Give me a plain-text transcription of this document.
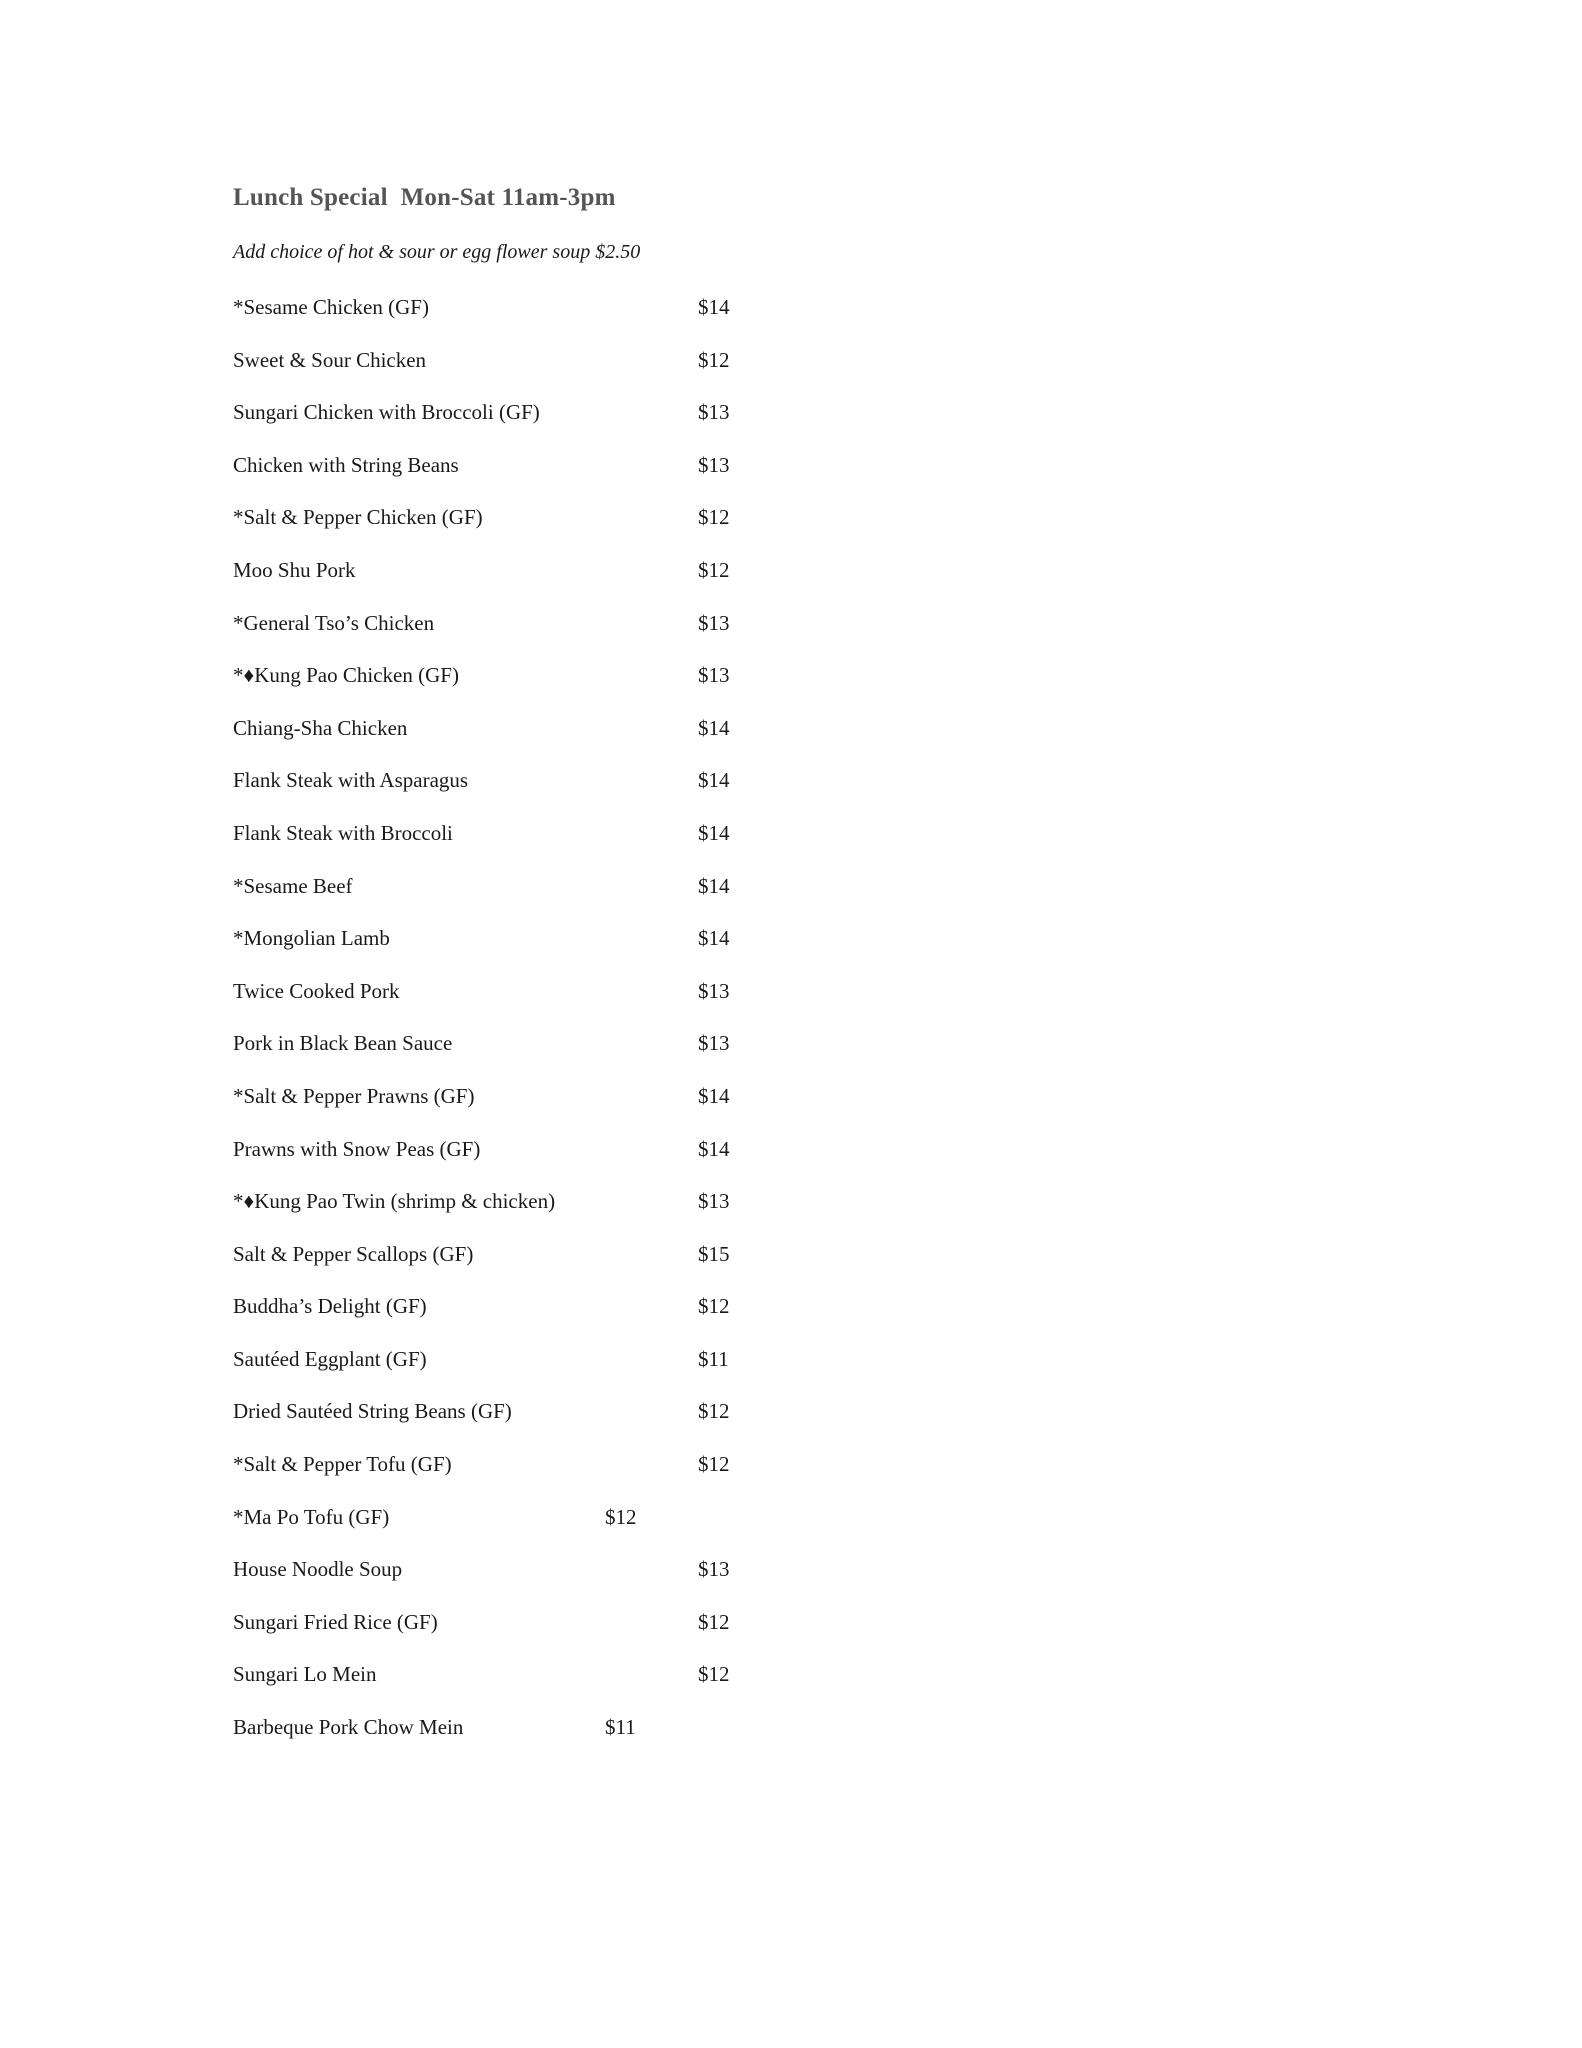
Lunch Special  Mon-Sat 11am-3pm
Add choice of hot & sour or egg flower soup $2.50
*Sesame Chicken (GF)	$14
Sweet & Sour Chicken	$12
Sungari Chicken with Broccoli (GF)	$13
Chicken with String Beans	$13
*Salt & Pepper Chicken (GF)	$12
Moo Shu Pork	$12
*General Tso’s Chicken	$13
*♦Kung Pao Chicken (GF)	$13
Chiang-Sha Chicken	$14
Flank Steak with Asparagus	$14
Flank Steak with Broccoli	$14
*Sesame Beef	$14
*Mongolian Lamb	$14
Twice Cooked Pork	$13
Pork in Black Bean Sauce	$13
*Salt & Pepper Prawns (GF)	$14
Prawns with Snow Peas (GF)	$14
*♦Kung Pao Twin (shrimp & chicken)	$13
Salt & Pepper Scallops (GF)	$15
Buddha’s Delight (GF)	$12
Sautéed Eggplant (GF)	$11
Dried Sautéed String Beans (GF)	$12
*Salt & Pepper Tofu (GF)	$12
*Ma Po Tofu (GF)	$12
House Noodle Soup	$13
Sungari Fried Rice (GF)	$12
Sungari Lo Mein	$12
Barbeque Pork Chow Mein	$11
